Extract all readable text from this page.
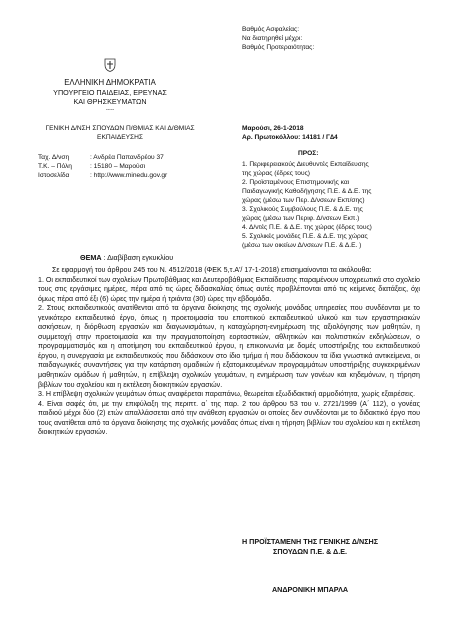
Βαθμός Ασφαλείας:
Να διατηρηθεί μέχρι:
Βαθμός Προτεραιότητας:
ΕΛΛΗΝΙΚΗ ΔΗΜΟΚΡΑΤΙΑ
ΥΠΟΥΡΓΕΙΟ ΠΑΙΔΕΙΑΣ, ΕΡΕΥΝΑΣ
ΚΑΙ ΘΡΗΣΚΕΥΜΑΤΩΝ
-----
ΓΕΝΙΚΗ Δ/ΝΣΗ ΣΠΟΥΔΩΝ Π/ΘΜΙΑΣ ΚΑΙ Δ/ΘΜΙΑΣ
ΕΚΠΑΙΔΕΥΣΗΣ
Μαρούσι, 26-1-2018
Αρ. Πρωτοκόλλου: 14181 / Γ∆4
Ταχ. Δ/νση	: Ανδρέα Παπανδρέου 37
Τ.Κ. – Πόλη	: 15180 – Μαρούσι
Ιστοσελίδα	: http://www.minedu.gov.gr
ΠΡΟΣ:
1. Περιφερειακούς Διευθυντές Εκπαίδευσης
της χώρας (έδρες τους)
2. Προϊσταμένους Επιστημονικής και
Παιδαγωγικής Καθοδήγησης Π.Ε. & Δ.Ε. της
χώρας (μέσω των Περ. Δ/νσεων Εκπ/σης)
3. Σχολικούς Συμβούλους Π.Ε. & Δ.Ε. της
χώρας (μέσω των Περιφ. Δ/νσεων Εκπ.)
4. Δ/ντές Π.Ε. & Δ.Ε. της χώρας (έδρες τους)
5. Σχολικές μονάδες Π.Ε. & Δ.Ε. της χώρας
(μέσω των οικείων Δ/νσεων Π.Ε. & Δ.Ε. )
ΘΕΜΑ : Διαβίβαση εγκυκλίου

Σε εφαρμογή του άρθρου 245 του Ν. 4512/2018 (ΦΕΚ 5,τ.Α'/ 17-1-2018) επισημαίνονται τα ακόλουθα:

1. Οι εκπαιδευτικοί των σχολείων Πρωτοβάθμιας και Δευτεροβάθμιας Εκπαίδευσης παραμένουν υποχρεωτικά στο σχολείο τους στις εργάσιμες ημέρες, πέρα από τις ώρες διδασκαλίας όπως αυτές προβλέπονται από τις κείμενες διατάξεις, όχι όμως πέρα από έξι (6) ώρες την ημέρα ή τριάντα (30) ώρες την εβδομάδα.

2. Στους εκπαιδευτικούς ανατίθενται από τα όργανα διοίκησης της σχολικής μονάδας υπηρεσίες που συνδέονται με το γενικότερο εκπαιδευτικό έργο, όπως η προετοιμασία του εποπτικού εκπαιδευτικού υλικού και των εργαστηριακών ασκήσεων, η διόρθωση εργασιών και διαγωνισμάτων, η καταχώρηση-ενημέρωση της αξιολόγησης των μαθητών, η συμμετοχή στην προετοιμασία και την πραγματοποίηση εορταστικών, αθλητικών και πολιτιστικών εκδηλώσεων, ο προγραμματισμός και η αποτίμηση του εκπαιδευτικού έργου, η επικοινωνία με δομές υποστήριξης του εκπαιδευτικού έργου, η συνεργασία με εκπαιδευτικούς που διδάσκουν στο ίδιο τμήμα ή που διδάσκουν τα ίδια γνωστικά αντικείμενα, οι παιδαγωγικές συναντήσεις για την κατάρτιση ομαδικών ή εξατομικευμένων προγραμμάτων υποστήριξης συγκεκριμένων μαθητικών ομάδων ή μαθητών, η επίβλεψη σχολικών γευμάτων, η ενημέρωση των γονέων και κηδεμόνων, η τήρηση βιβλίων του σχολείου και η εκτέλεση διοικητικών εργασιών.

3. Η επίβλεψη σχολικών γευμάτων όπως αναφέρεται παραπάνω, θεωρείται εξωδιδακτική αρμοδιότητα, χωρίς εξαιρέσεις.

4. Είναι σαφές ότι, με την επιφύλαξη της περιπτ. α΄ της παρ. 2 του άρθρου 53 του ν. 2721/1999 (Α΄ 112), ο γονέας παιδιού μέχρι δύο (2) ετών απαλλάσσεται από την ανάθεση εργασιών οι οποίες δεν συνδέονται με το διδακτικό έργο που τους ανατίθεται από τα όργανα διοίκησης της σχολικής μονάδας όπως είναι η τήρηση βιβλίων του σχολείου και η εκτέλεση διοικητικών εργασιών.

Η ΠΡΟΪΣΤΑΜΕΝΗ ΤΗΣ ΓΕΝΙΚΗΣ Δ/ΝΣΗΣ
ΣΠΟΥΔΩΝ Π.Ε. & Δ.Ε.
ΑΝΔΡΟΝΙΚΗ ΜΠΑΡΛΑ
